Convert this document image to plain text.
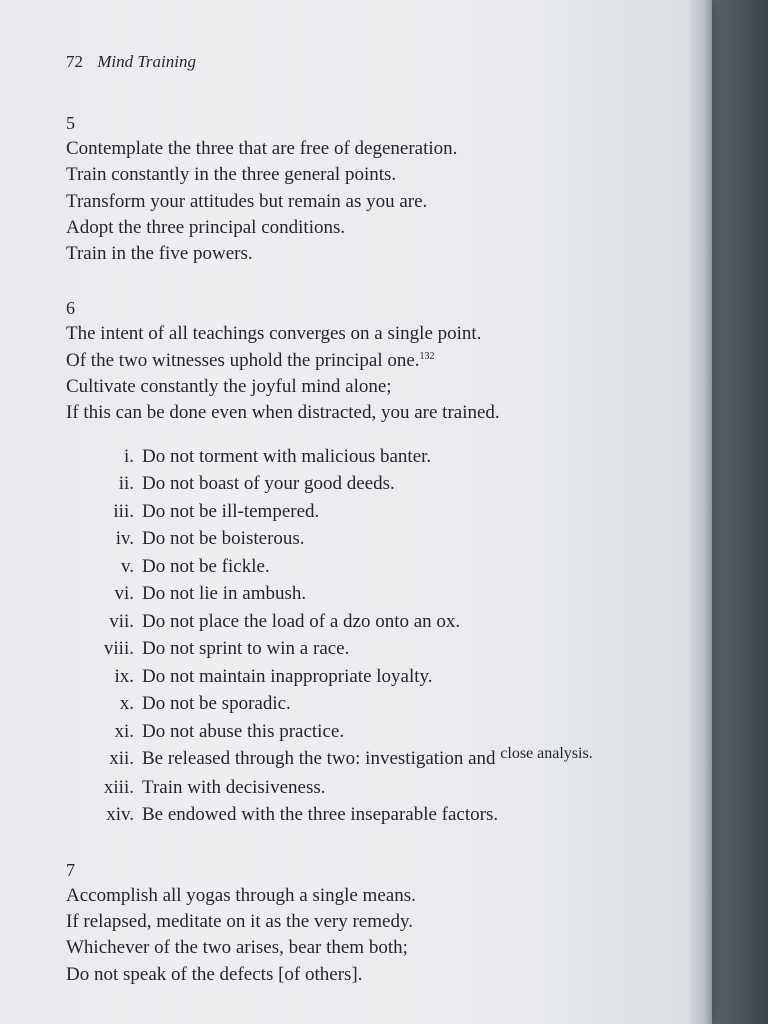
72 Mind Training
5
Contemplate the three that are free of degeneration.
Train constantly in the three general points.
Transform your attitudes but remain as you are.
Adopt the three principal conditions.
Train in the five powers.
6
The intent of all teachings converges on a single point.
Of the two witnesses uphold the principal one.$^{132}$
Cultivate constantly the joyful mind alone;
If this can be done even when distracted, you are trained.
i. Do not torment with malicious banter.
ii. Do not boast of your good deeds.
iii. Do not be ill-tempered.
iv. Do not be boisterous.
v. Do not be fickle.
vi. Do not lie in ambush.
vii. Do not place the load of a dzo onto an ox.
viii. Do not sprint to win a race.
ix. Do not maintain inappropriate loyalty.
x. Do not be sporadic.
xi. Do not abuse this practice.
xii. Be released through the two: investigation and $^{close analysis.}$
xiii. Train with decisiveness.
xiv. Be endowed with the three inseparable factors.
7
Accomplish all yogas through a single means.
If relapsed, meditate on it as the very remedy.
Whichever of the two arises, bear them both;
Do not speak of the defects [of others].
